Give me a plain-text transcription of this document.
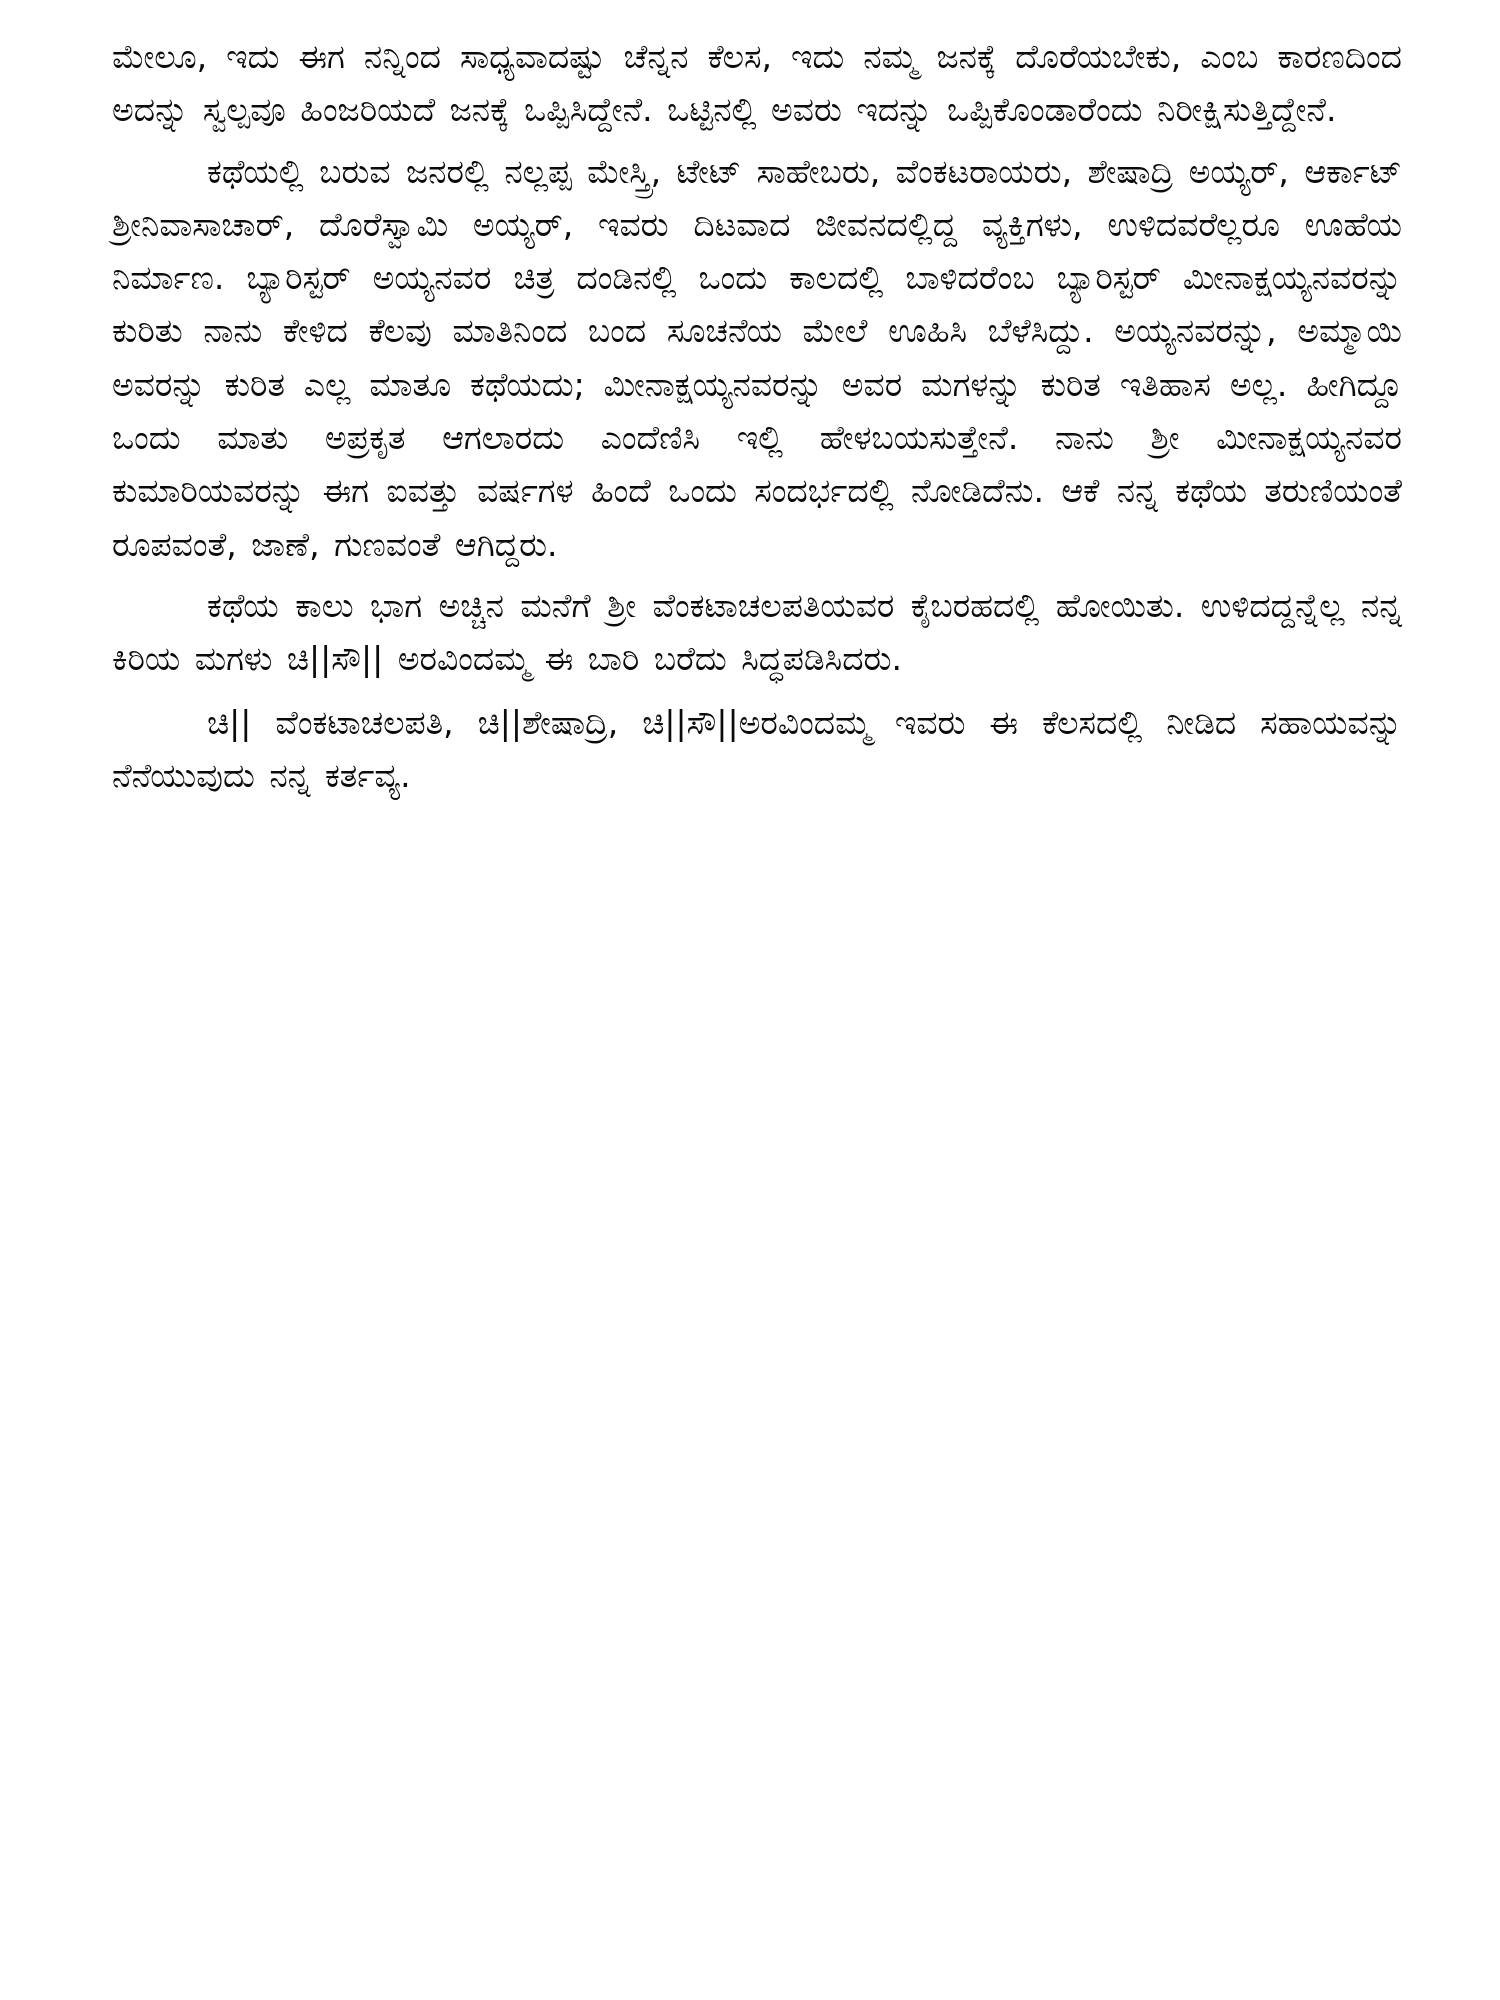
ಮೇಲೂ, ಇದು ಈಗ ನನ್ನಿಂದ ಸಾಧ್ಯವಾದಷ್ಟು ಚೆನ್ನನ ಕೆಲಸ, ಇದು ನಮ್ಮ ಜನಕ್ಕೆ ದೊರೆಯಬೇಕು, ಎಂಬ ಕಾರಣದಿಂದ ಅದನ್ನು ಸ್ವಲ್ಪವೂ ಹಿಂಜರಿಯದೆ ಜನಕ್ಕೆ ಒಪ್ಪಿಸಿದ್ದೇನೆ. ಒಟ್ಟಿನಲ್ಲಿ ಅವರು ಇದನ್ನು ಒಪ್ಪಿಕೊಂಡಾರೆಂದು ನಿರೀಕ್ಷಿಸುತ್ತಿದ್ದೇನೆ.

ಕಥೆಯಲ್ಲಿ ಬರುವ ಜನರಲ್ಲಿ ನಲ್ಲಪ್ಪ ಮೇಸ್ತ್ರಿ, ಟೇಟ್ ಸಾಹೇಬರು, ವೆಂಕಟರಾಯರು, ಶೇಷಾದ್ರಿ ಅಯ್ಯರ್, ಆರ್ಕಾಟ್ ಶ್ರೀನಿವಾಸಾಚಾರ್, ದೊರೆಸ್ವಾಮಿ ಅಯ್ಯರ್, ಇವರು ದಿಟವಾದ ಜೀವನದಲ್ಲಿದ್ದ ವ್ಯಕ್ತಿಗಳು, ಉಳಿದವರೆಲ್ಲರೂ ಊಹೆಯ ನಿರ್ಮಾಣ. ಬ್ಯಾರಿಸ್ಟರ್ ಅಯ್ಯನವರ ಚಿತ್ರ ದಂಡಿನಲ್ಲಿ ಒಂದು ಕಾಲದಲ್ಲಿ ಬಾಳಿದರೆಂಬ ಬ್ಯಾರಿಸ್ಟರ್ ಮೀನಾಕ್ಷಯ್ಯನವರನ್ನು ಕುರಿತು ನಾನು ಕೇಳಿದ ಕೆಲವು ಮಾತಿನಿಂದ ಬಂದ ಸೂಚನೆಯ ಮೇಲೆ ಊಹಿಸಿ ಬೆಳೆಸಿದ್ದು. ಅಯ್ಯನವರನ್ನು, ಅಮ್ಮಾಯಿ ಅವರನ್ನು ಕುರಿತ ಎಲ್ಲ ಮಾತೂ ಕಥೆಯದು; ಮೀನಾಕ್ಷಯ್ಯನವರನ್ನು ಅವರ ಮಗಳನ್ನು ಕುರಿತ ಇತಿಹಾಸ ಅಲ್ಲ. ಹೀಗಿದ್ದೂ ಒಂದು ಮಾತು ಅಪ್ರಕೃತ ಆಗಲಾರದು ಎಂದೆಣಿಸಿ ಇಲ್ಲಿ ಹೇಳಬಯಸುತ್ತೇನೆ. ನಾನು ಶ್ರೀ ಮೀನಾಕ್ಷಯ್ಯನವರ ಕುಮಾರಿಯವರನ್ನು ಈಗ ಐವತ್ತು ವರ್ಷಗಳ ಹಿಂದೆ ಒಂದು ಸಂದರ್ಭದಲ್ಲಿ ನೋಡಿದೆನು. ಆಕೆ ನನ್ನ ಕಥೆಯ ತರುಣಿಯಂತೆ ರೂಪವಂತೆ, ಜಾಣೆ, ಗುಣವಂತೆ ಆಗಿದ್ದರು.

ಕಥೆಯ ಕಾಲು ಭಾಗ ಅಚ್ಚಿನ ಮನೆಗೆ ಶ್ರೀ ವೆಂಕಟಾಚಲಪತಿಯವರ ಕೈಬರಹದಲ್ಲಿ ಹೋಯಿತು. ಉಳಿದದ್ದನ್ನೆಲ್ಲ ನನ್ನ ಕಿರಿಯ ಮಗಳು ಚಿ||ಸೌ|| ಅರವಿಂದಮ್ಮ ಈ ಬಾರಿ ಬರೆದು ಸಿದ್ಧಪಡಿಸಿದರು.

ಚಿ|| ವೆಂಕಟಾಚಲಪತಿ, ಚಿ||ಶೇಷಾದ್ರಿ, ಚಿ||ಸೌ||ಅರವಿಂದಮ್ಮ ಇವರು ಈ ಕೆಲಸದಲ್ಲಿ ನೀಡಿದ ಸಹಾಯವನ್ನು ನೆನೆಯುವುದು ನನ್ನ ಕರ್ತವ್ಯ.
